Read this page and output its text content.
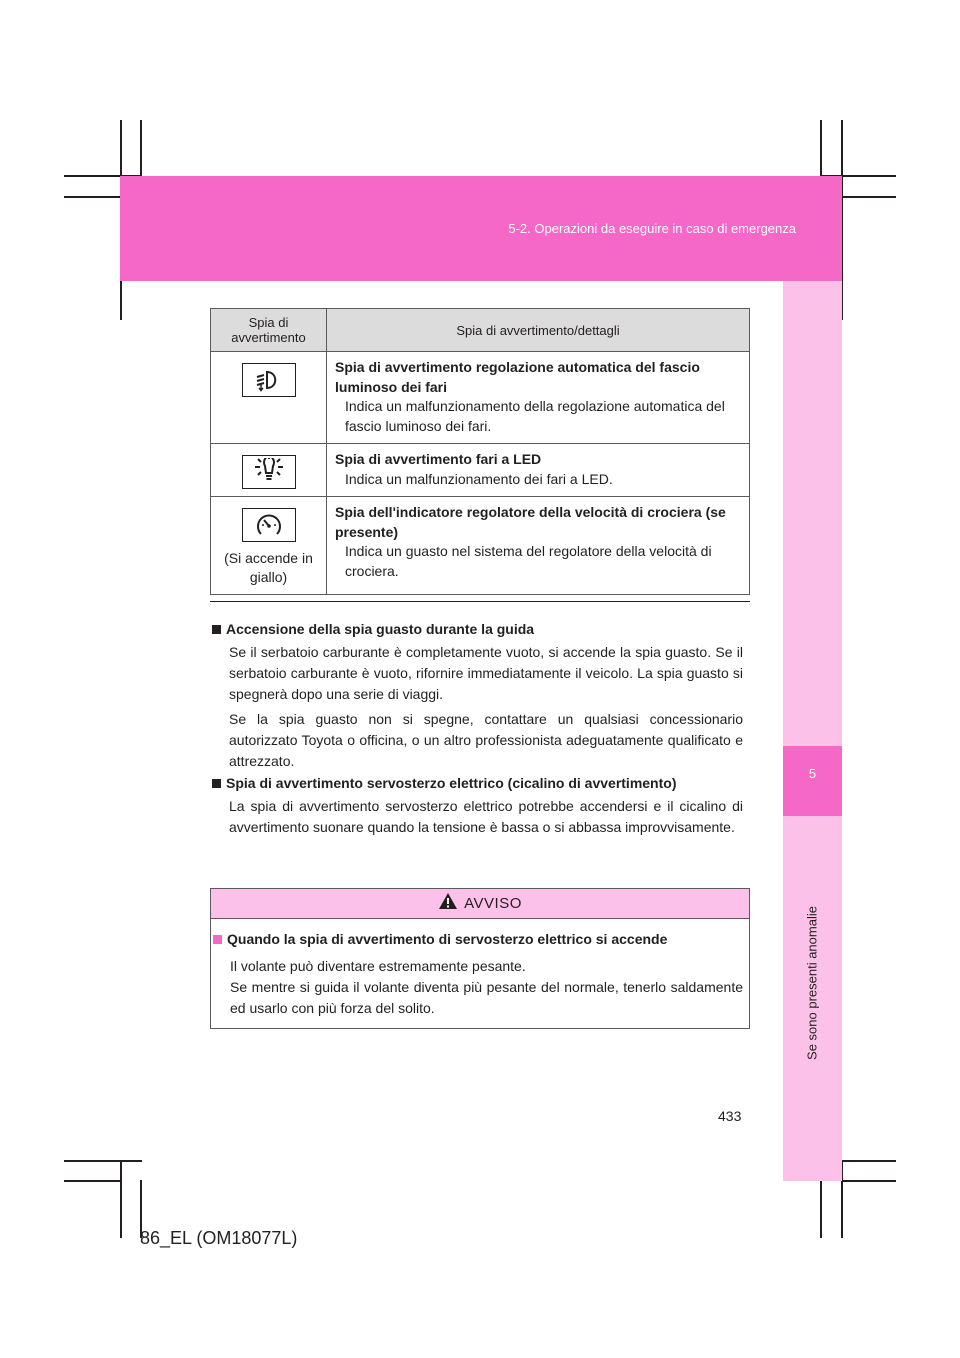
5-2. Operazioni da eseguire in caso di emergenza
5
Se sono presenti anomalie
Spia di avvertimento	Spia di avvertimento/dettagli

Spia di avvertimento regolazione automatica del fascio luminoso dei fari
Indica un malfunzionamento della regolazione automatica del fascio luminoso dei fari.

Spia di avvertimento fari a LED
Indica un malfunzionamento dei fari a LED.

(Si accende in giallo)	Spia dell'indicatore regolatore della velocità di crociera (se presente)
Indica un guasto nel sistema del regolatore della velocità di crociera.
Accensione della spia guasto durante la guida
Se il serbatoio carburante è completamente vuoto, si accende la spia guasto. Se il serbatoio carburante è vuoto, rifornire immediatamente il veicolo. La spia guasto si spegnerà dopo una serie di viaggi.
Se la spia guasto non si spegne, contattare un qualsiasi concessionario autorizzato Toyota o officina, o un altro professionista adeguatamente qualificato e attrezzato.
Spia di avvertimento servosterzo elettrico (cicalino di avvertimento)
La spia di avvertimento servosterzo elettrico potrebbe accendersi e il cicalino di avvertimento suonare quando la tensione è bassa o si abbassa improvvisamente.
AVVISO
Quando la spia di avvertimento di servosterzo elettrico si accende
Il volante può diventare estremamente pesante.
Se mentre si guida il volante diventa più pesante del normale, tenerlo saldamente ed usarlo con più forza del solito.
433
86_EL (OM18077L)
